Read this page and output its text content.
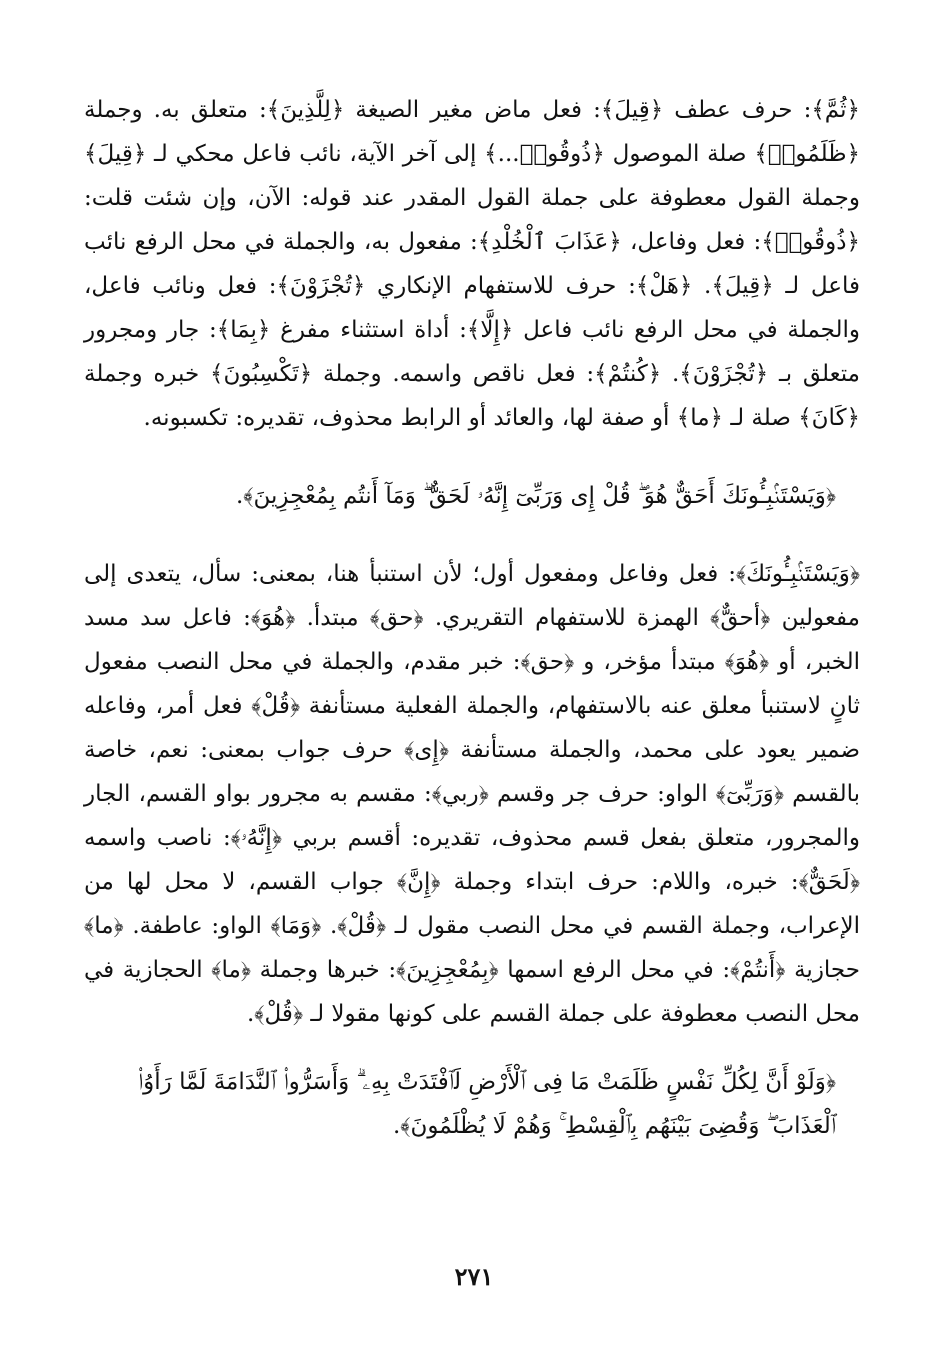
﴿ثُمَّ﴾: حرف عطف ﴿قِيلَ﴾: فعل ماض مغير الصيغة ﴿لِلَّذِينَ﴾: متعلق به. وجملة ﴿ظَلَمُوا۟﴾ صلة الموصول ﴿ذُوقُوا۟...﴾ إلى آخر الآية، نائب فاعل محكي لـ ﴿قِيلَ﴾ وجملة القول معطوفة على جملة القول المقدر عند قوله: الآن، وإن شئت قلت: ﴿ذُوقُوا۟﴾: فعل وفاعل، ﴿عَذَابَ ٱلْخُلْدِ﴾: مفعول به، والجملة في محل الرفع نائب فاعل لـ ﴿قِيلَ﴾. ﴿هَلْ﴾: حرف للاستفهام الإنكاري ﴿تُجْزَوْنَ﴾: فعل ونائب فاعل، والجملة في محل الرفع نائب فاعل ﴿إِلَّا﴾: أداة استثناء مفرغ ﴿بِمَا﴾: جار ومجرور متعلق بـ ﴿تُجْزَوْنَ﴾. ﴿كُنتُمْ﴾: فعل ناقص واسمه. وجملة ﴿تَكْسِبُونَ﴾ خبره وجملة ﴿كَانَ﴾ صلة لـ ﴿ما﴾ أو صفة لها، والعائد أو الرابط محذوف، تقديره: تكسبونه.

﴿وَيَسْتَنۢبِـُٔونَكَ أَحَقٌّ هُوَ ۖ قُلْ إِى وَرَبِّىٓ إِنَّهُۥ لَحَقٌّ ۖ وَمَآ أَنتُم بِمُعْجِزِينَ﴾.

﴿وَيَسْتَنۢبِـُٔونَكَ﴾: فعل وفاعل ومفعول أول؛ لأن استنبأ هنا، بمعنى: سأل، يتعدى إلى مفعولين ﴿أحقٌّ﴾ الهمزة للاستفهام التقريري. ﴿حق﴾ مبتدأ. ﴿هُوَ﴾: فاعل سد مسد الخبر، أو ﴿هُوَ﴾ مبتدأ مؤخر، و ﴿حق﴾: خبر مقدم، والجملة في محل النصب مفعول ثانٍ لاستنبأ معلق عنه بالاستفهام، والجملة الفعلية مستأنفة ﴿قُلْ﴾ فعل أمر، وفاعله ضمير يعود على محمد، والجملة مستأنفة ﴿إِى﴾ حرف جواب بمعنى: نعم، خاصة بالقسم ﴿وَرَبِّىٓ﴾ الواو: حرف جر وقسم ﴿ربي﴾: مقسم به مجرور بواو القسم، الجار والمجرور، متعلق بفعل قسم محذوف، تقديره: أقسم بربي ﴿إِنَّهُۥ﴾: ناصب واسمه ﴿لَحَقٌّ﴾: خبره، واللام: حرف ابتداء وجملة ﴿إِنَّ﴾ جواب القسم، لا محل لها من الإعراب، وجملة القسم في محل النصب مقول لـ ﴿قُلْ﴾. ﴿وَمَا﴾ الواو: عاطفة. ﴿ما﴾ حجازية ﴿أَنتُمْ﴾: في محل الرفع اسمها ﴿بِمُعْجِزِينَ﴾: خبرها وجملة ﴿ما﴾ الحجازية في محل النصب معطوفة على جملة القسم على كونها مقولا لـ ﴿قُلْ﴾.

﴿وَلَوْ أَنَّ لِكُلِّ نَفْسٍ ظَلَمَتْ مَا فِى ٱلْأَرْضِ لَٱفْتَدَتْ بِهِۦ ۗ وَأَسَرُّوا۟ ٱلنَّدَامَةَ لَمَّا رَأَوُا۟ ٱلْعَذَابَ ۖ وَقُضِىَ بَيْنَهُم بِٱلْقِسْطِ ۚ وَهُمْ لَا يُظْلَمُونَ﴾.

٢٧١
